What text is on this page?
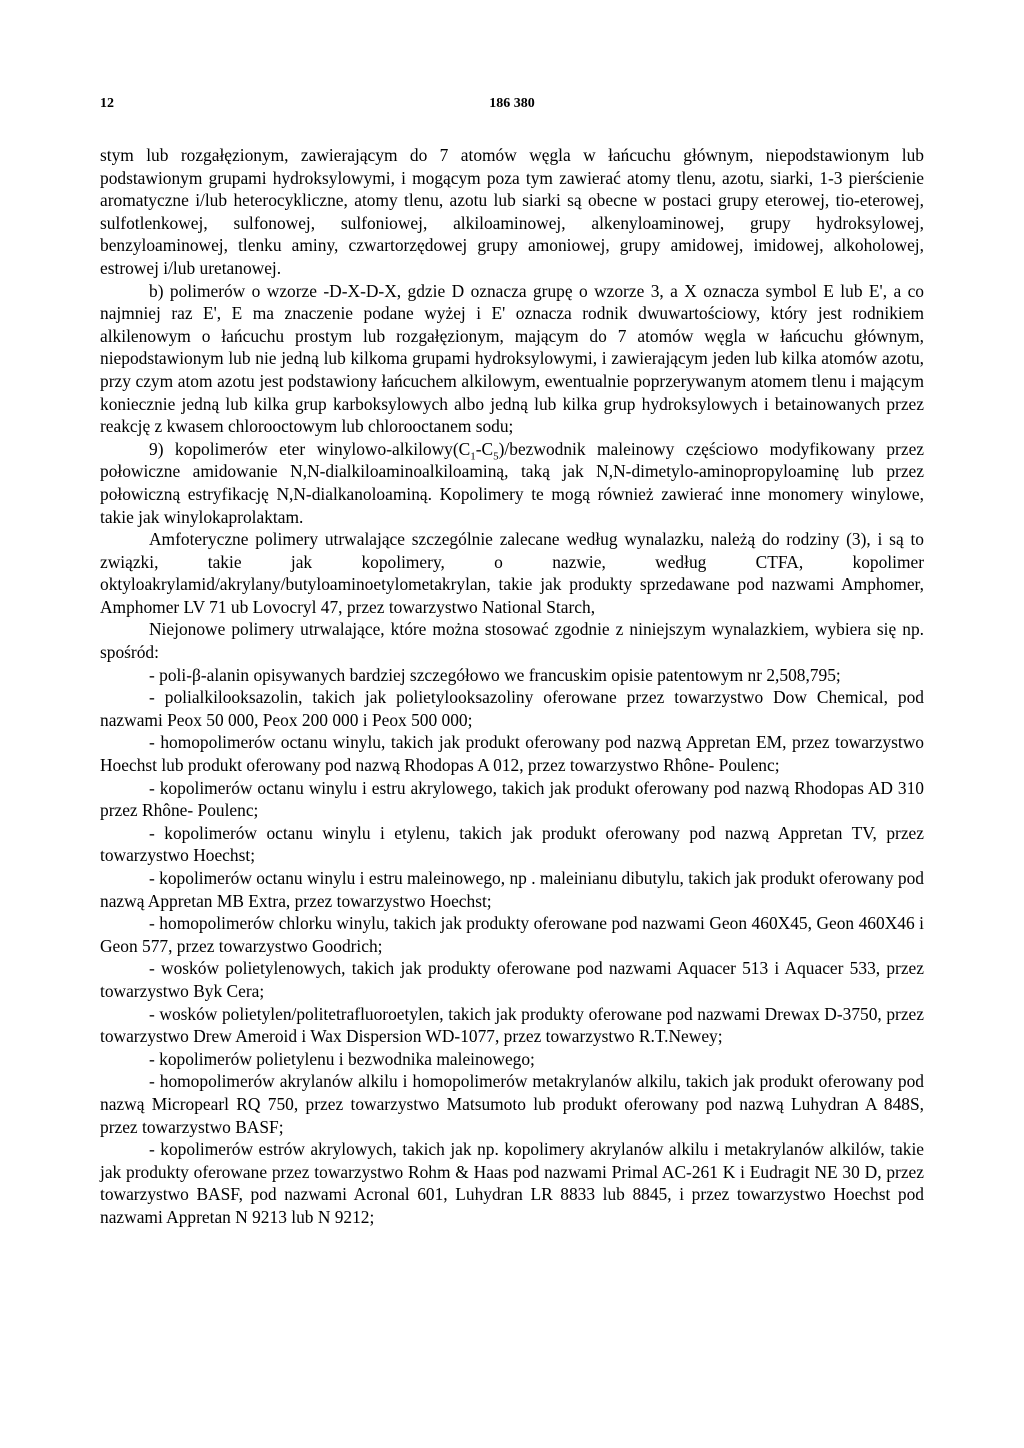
12	186 380

stym lub rozgałęzionym, zawierającym do 7 atomów węgla w łańcuchu głównym, niepodstawionym lub podstawionym grupami hydroksylowymi, i mogącym poza tym zawierać atomy tlenu, azotu, siarki, 1-3 pierścienie aromatyczne i/lub heterocykliczne, atomy tlenu, azotu lub siarki są obecne w postaci grupy eterowej, tio-eterowej, sulfotlenkowej, sulfonowej, sulfoniowej, alkiloaminowej, alkenyloaminowej, grupy hydroksylowej, benzyloaminowej, tlenku aminy, czwartorzędowej grupy amoniowej, grupy amidowej, imidowej, alkoholowej, estrowej i/lub uretanowej.

b) polimerów o wzorze -D-X-D-X, gdzie D oznacza grupę o wzorze 3, a X oznacza symbol E lub E', a co najmniej raz E', E ma znaczenie podane wyżej i E' oznacza rodnik dwuwartościowy, który jest rodnikiem alkilenowym o łańcuchu prostym lub rozgałęzionym, mającym do 7 atomów węgla w łańcuchu głównym, niepodstawionym lub nie jedną lub kilkoma grupami hydroksylowymi, i zawierającym jeden lub kilka atomów azotu, przy czym atom azotu jest podstawiony łańcuchem alkilowym, ewentualnie poprzerywanym atomem tlenu i mającym koniecznie jedną lub kilka grup karboksylowych albo jedną lub kilka grup hydroksylowych i betainowanych przez reakcję z kwasem chlorooctowym lub chlorooctanem sodu;

9) kopolimerów eter winylowo-$alkilowy(C_1-C_5)$/bezwodnik maleinowy częściowo modyfikowany przez połowiczne amidowanie N,N-dialkiloaminoalkiloaminą, taką jak N,N-dimetylo-aminopropyloaminę lub przez połowiczną estryfikację N,N-dialkanoloaminą. Kopolimery te mogą również zawierać inne monomery winylowe, takie jak winylokaprolaktam.

Amfoteryczne polimery utrwalające szczególnie zalecane według wynalazku, należą do rodziny (3), i są to związki, takie jak kopolimery, o nazwie, według CTFA, kopolimer oktyloakrylamid/akrylany/butyloaminoetylometakrylan, takie jak produkty sprzedawane pod nazwami Amphomer, Amphomer LV 71 ub Lovocryl 47, przez towarzystwo National Starch,

Niejonowe polimery utrwalające, które można stosować zgodnie z niniejszym wynalazkiem, wybiera się np. spośród:

- poli-β-alanin opisywanych bardziej szczegółowo we francuskim opisie patentowym nr 2,508,795;

- polialkilooksazolin, takich jak polietylooksazoliny oferowane przez towarzystwo Dow Chemical, pod nazwami Peox 50 000, Peox 200 000 i Peox 500 000;

- homopolimerów octanu winylu, takich jak produkt oferowany pod nazwą Appretan EM, przez towarzystwo Hoechst lub produkt oferowany pod nazwą Rhodopas A 012, przez towarzystwo Rhône- Poulenc;

- kopolimerów octanu winylu i estru akrylowego, takich jak produkt oferowany pod nazwą Rhodopas AD 310 przez Rhône- Poulenc;

- kopolimerów octanu winylu i etylenu, takich jak produkt oferowany pod nazwą Appretan TV, przez towarzystwo Hoechst;

- kopolimerów octanu winylu i estru maleinowego, np . maleinianu dibutylu, takich jak produkt oferowany pod nazwą Appretan MB Extra, przez towarzystwo Hoechst;

- homopolimerów chlorku winylu, takich jak produkty oferowane pod nazwami Geon 460X45, Geon 460X46 i Geon 577, przez towarzystwo Goodrich;

- wosków polietylenowych, takich jak produkty oferowane pod nazwami Aquacer 513 i Aquacer 533, przez towarzystwo Byk Cera;

- wosków polietylen/politetrafluoroetylen, takich jak produkty oferowane pod nazwami Drewax D-3750, przez towarzystwo Drew Ameroid i Wax Dispersion WD-1077, przez towarzystwo R.T.Newey;

- kopolimerów polietylenu i bezwodnika maleinowego;

- homopolimerów akrylanów alkilu i homopolimerów metakrylanów alkilu, takich jak produkt oferowany pod nazwą Micropearl RQ 750, przez towarzystwo Matsumoto lub produkt oferowany pod nazwą Luhydran A 848S, przez towarzystwo BASF;

- kopolimerów estrów akrylowych, takich jak np. kopolimery akrylanów alkilu i metakrylanów alkilów, takie jak produkty oferowane przez towarzystwo Rohm & Haas pod nazwami Primal AC-261 K i Eudragit NE 30 D, przez towarzystwo BASF, pod nazwami Acronal 601, Luhydran LR 8833 lub 8845, i przez towarzystwo Hoechst pod nazwami Appretan N 9213 lub N 9212;
